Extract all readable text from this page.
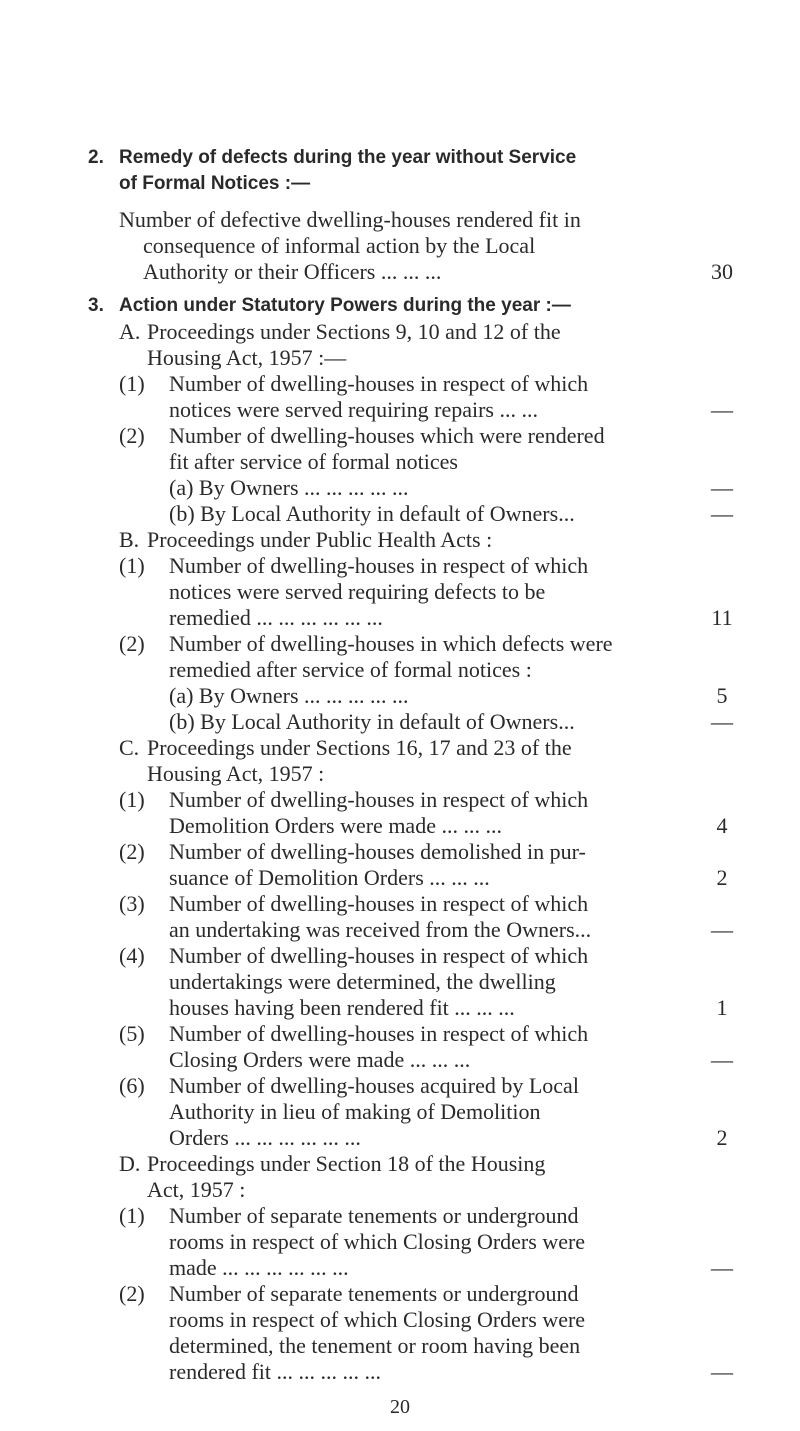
2. Remedy of defects during the year without Service
of Formal Notices :—
Number of defective dwelling-houses rendered fit in
consequence of informal action by the Local
Authority or their Officers ... ... ...	30
3. Action under Statutory Powers during the year :—
A. Proceedings under Sections 9, 10 and 12 of the
Housing Act, 1957 :—
(1) Number of dwelling-houses in respect of which
notices were served requiring repairs ... ...	—
(2) Number of dwelling-houses which were rendered
fit after service of formal notices
(a) By Owners ... ... ... ... ...	—
(b) By Local Authority in default of Owners...	—
B. Proceedings under Public Health Acts :
(1) Number of dwelling-houses in respect of which
notices were served requiring defects to be
remedied ... ... ... ... ... ...	11
(2) Number of dwelling-houses in which defects were
remedied after service of formal notices :
(a) By Owners ... ... ... ... ...	5
(b) By Local Authority in default of Owners...	—
C. Proceedings under Sections 16, 17 and 23 of the
Housing Act, 1957 :
(1) Number of dwelling-houses in respect of which
Demolition Orders were made ... ... ...	4
(2) Number of dwelling-houses demolished in pur-
suance of Demolition Orders ... ... ...	2
(3) Number of dwelling-houses in respect of which
an undertaking was received from the Owners...	—
(4) Number of dwelling-houses in respect of which
undertakings were determined, the dwelling
houses having been rendered fit ... ... ...	1
(5) Number of dwelling-houses in respect of which
Closing Orders were made ... ... ...	—
(6) Number of dwelling-houses acquired by Local
Authority in lieu of making of Demolition
Orders ... ... ... ... ... ...	2
D. Proceedings under Section 18 of the Housing
Act, 1957 :
(1) Number of separate tenements or underground
rooms in respect of which Closing Orders were
made ... ... ... ... ... ...	—
(2) Number of separate tenements or underground
rooms in respect of which Closing Orders were
determined, the tenement or room having been
rendered fit ... ... ... ... ...	—
20
